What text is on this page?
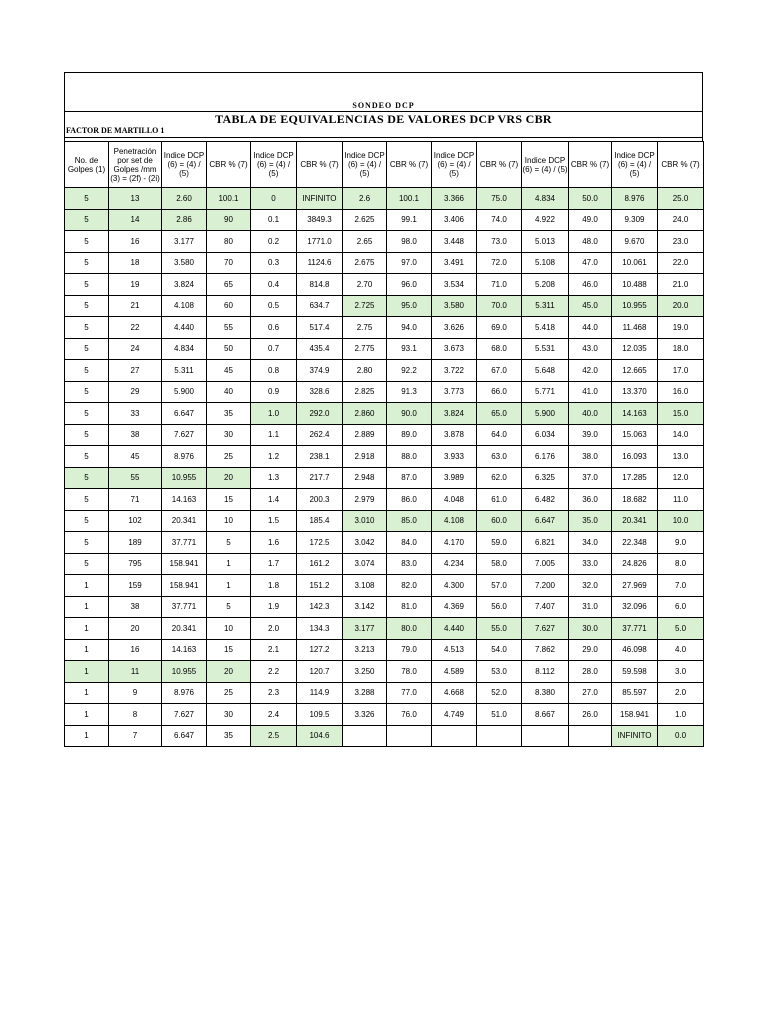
SONDEO DCP
TABLA DE EQUIVALENCIAS DE VALORES DCP VRS CBR
FACTOR DE MARTILLO 1
No. de Golpes (1)	Penetración por set de Golpes /mm (3) = (2f) - (2i)	Indice DCP (6) = (4) / (5)	CBR % (7)	Indice DCP (6) = (4) / (5)	CBR % (7)	Indice DCP (6) = (4) / (5)	CBR % (7)	Indice DCP (6) = (4) / (5)	CBR % (7)	Indice DCP (6) = (4) / (5)	CBR % (7)	Indice DCP (6) = (4) / (5)	CBR % (7)
5	13	2.60	100.1	0	INFINITO	2.6	100.1	3.366	75.0	4.834	50.0	8.976	25.0
5	14	2.86	90	0.1	3849.3	2.625	99.1	3.406	74.0	4.922	49.0	9.309	24.0
5	16	3.177	80	0.2	1771.0	2.65	98.0	3.448	73.0	5.013	48.0	9.670	23.0
5	18	3.580	70	0.3	1124.6	2.675	97.0	3.491	72.0	5.108	47.0	10.061	22.0
5	19	3.824	65	0.4	814.8	2.70	96.0	3.534	71.0	5.208	46.0	10.488	21.0
5	21	4.108	60	0.5	634.7	2.725	95.0	3.580	70.0	5.311	45.0	10.955	20.0
5	22	4.440	55	0.6	517.4	2.75	94.0	3.626	69.0	5.418	44.0	11.468	19.0
5	24	4.834	50	0.7	435.4	2.775	93.1	3.673	68.0	5.531	43.0	12.035	18.0
5	27	5.311	45	0.8	374.9	2.80	92.2	3.722	67.0	5.648	42.0	12.665	17.0
5	29	5.900	40	0.9	328.6	2.825	91.3	3.773	66.0	5.771	41.0	13.370	16.0
5	33	6.647	35	1.0	292.0	2.860	90.0	3.824	65.0	5.900	40.0	14.163	15.0
5	38	7.627	30	1.1	262.4	2.889	89.0	3.878	64.0	6.034	39.0	15.063	14.0
5	45	8.976	25	1.2	238.1	2.918	88.0	3.933	63.0	6.176	38.0	16.093	13.0
5	55	10.955	20	1.3	217.7	2.948	87.0	3.989	62.0	6.325	37.0	17.285	12.0
5	71	14.163	15	1.4	200.3	2.979	86.0	4.048	61.0	6.482	36.0	18.682	11.0
5	102	20.341	10	1.5	185.4	3.010	85.0	4.108	60.0	6.647	35.0	20.341	10.0
5	189	37.771	5	1.6	172.5	3.042	84.0	4.170	59.0	6.821	34.0	22.348	9.0
5	795	158.941	1	1.7	161.2	3.074	83.0	4.234	58.0	7.005	33.0	24.826	8.0
1	159	158.941	1	1.8	151.2	3.108	82.0	4.300	57.0	7.200	32.0	27.969	7.0
1	38	37.771	5	1.9	142.3	3.142	81.0	4.369	56.0	7.407	31.0	32.096	6.0
1	20	20.341	10	2.0	134.3	3.177	80.0	4.440	55.0	7.627	30.0	37.771	5.0
1	16	14.163	15	2.1	127.2	3.213	79.0	4.513	54.0	7.862	29.0	46.098	4.0
1	11	10.955	20	2.2	120.7	3.250	78.0	4.589	53.0	8.112	28.0	59.598	3.0
1	9	8.976	25	2.3	114.9	3.288	77.0	4.668	52.0	8.380	27.0	85.597	2.0
1	8	7.627	30	2.4	109.5	3.326	76.0	4.749	51.0	8.667	26.0	158.941	1.0
1	7	6.647	35	2.5	104.6							INFINITO	0.0
